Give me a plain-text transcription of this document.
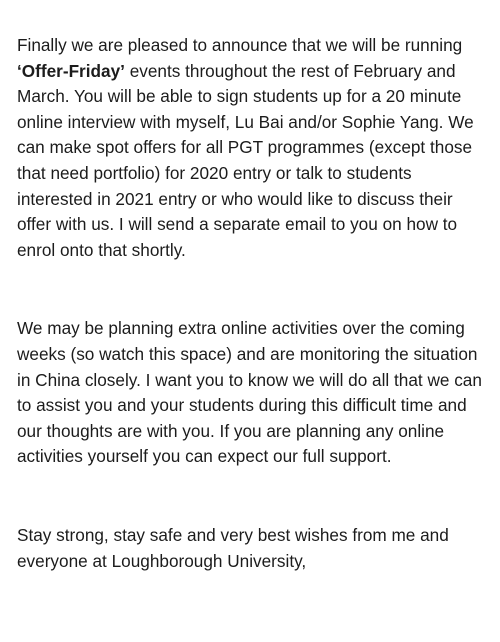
Finally we are pleased to announce that we will be running ‘Offer-Friday’ events throughout the rest of February and March. You will be able to sign students up for a 20 minute online interview with myself, Lu Bai and/or Sophie Yang. We can make spot offers for all PGT programmes (except those that need portfolio) for 2020 entry or talk to students interested in 2021 entry or who would like to discuss their offer with us. I will send a separate email to you on how to enrol onto that shortly.

We may be planning extra online activities over the coming weeks (so watch this space) and are monitoring the situation in China closely. I want you to know we will do all that we can to assist you and your students during this difficult time and our thoughts are with you. If you are planning any online activities yourself you can expect our full support.

Stay strong, stay safe and very best wishes from me and everyone at Loughborough University,
